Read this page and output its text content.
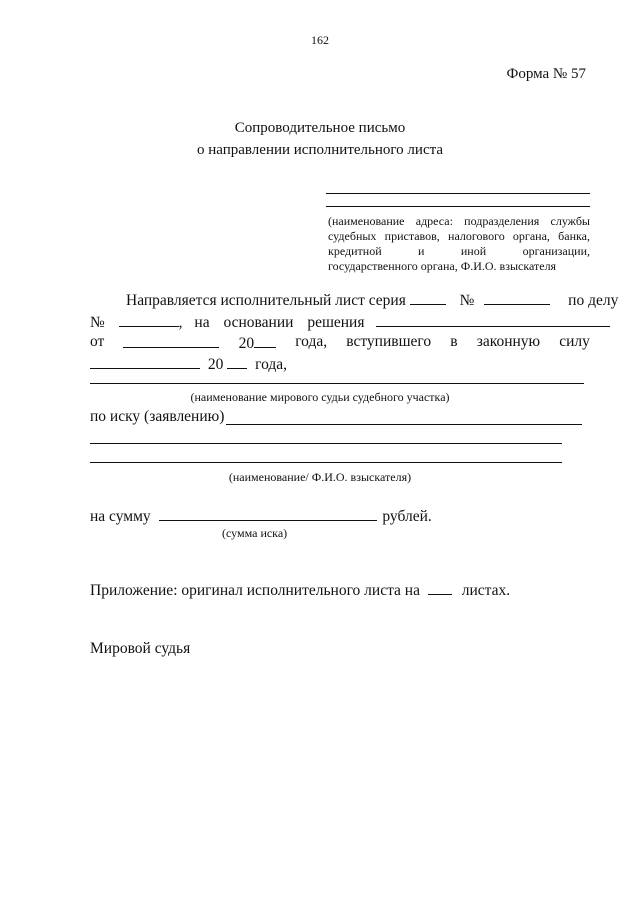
162
Форма № 57
Сопроводительное письмо
о направлении исполнительного листа
(наименование адреса: подразделения службы
судебных приставов, налогового органа, банка,
кредитной и иной организации,
государственного органа, Ф.И.О. взыскателя
Направляется исполнительный лист серия	№	по делу
№	, на основании решения
от	20	года, вступившего в законную силу
20 года,
(наименование мирового судьи судебного участка)
по иску (заявлению)
(наименование/ Ф.И.О. взыскателя)
на сумму	рублей.
(сумма иска)
Приложение: оригинал исполнительного листа на	листах.
Мировой судья
